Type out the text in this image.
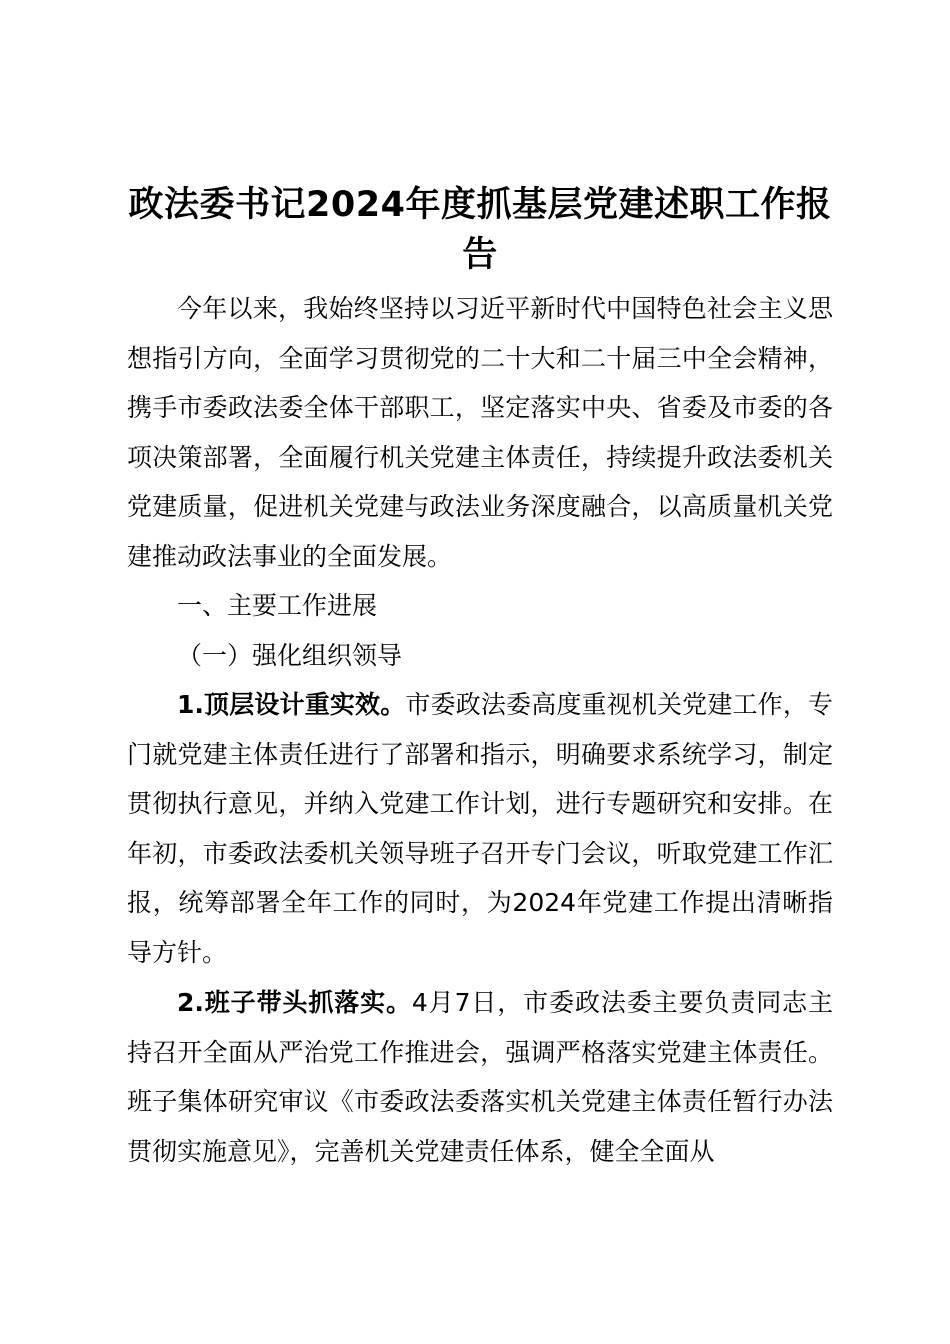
政法委书记2024年度抓基层党建述职工作报告

今年以来，我始终坚持以习近平新时代中国特色社会主义思想指引方向，全面学习贯彻党的二十大和二十届三中全会精神，携手市委政法委全体干部职工，坚定落实中央、省委及市委的各项决策部署，全面履行机关党建主体责任，持续提升政法委机关党建质量，促进机关党建与政法业务深度融合，以高质量机关党建推动政法事业的全面发展。

一、主要工作进展

（一）强化组织领导

1.顶层设计重实效。市委政法委高度重视机关党建工作，专门就党建主体责任进行了部署和指示，明确要求系统学习，制定贯彻执行意见，并纳入党建工作计划，进行专题研究和安排。在年初，市委政法委机关领导班子召开专门会议，听取党建工作汇报，统筹部署全年工作的同时，为2024年党建工作提出清晰指导方针。

2.班子带头抓落实。4月7日，市委政法委主要负责同志主持召开全面从严治党工作推进会，强调严格落实党建主体责任。班子集体研究审议《市委政法委落实机关党建主体责任暂行办法贯彻实施意见》，完善机关党建责任体系，健全全面从
